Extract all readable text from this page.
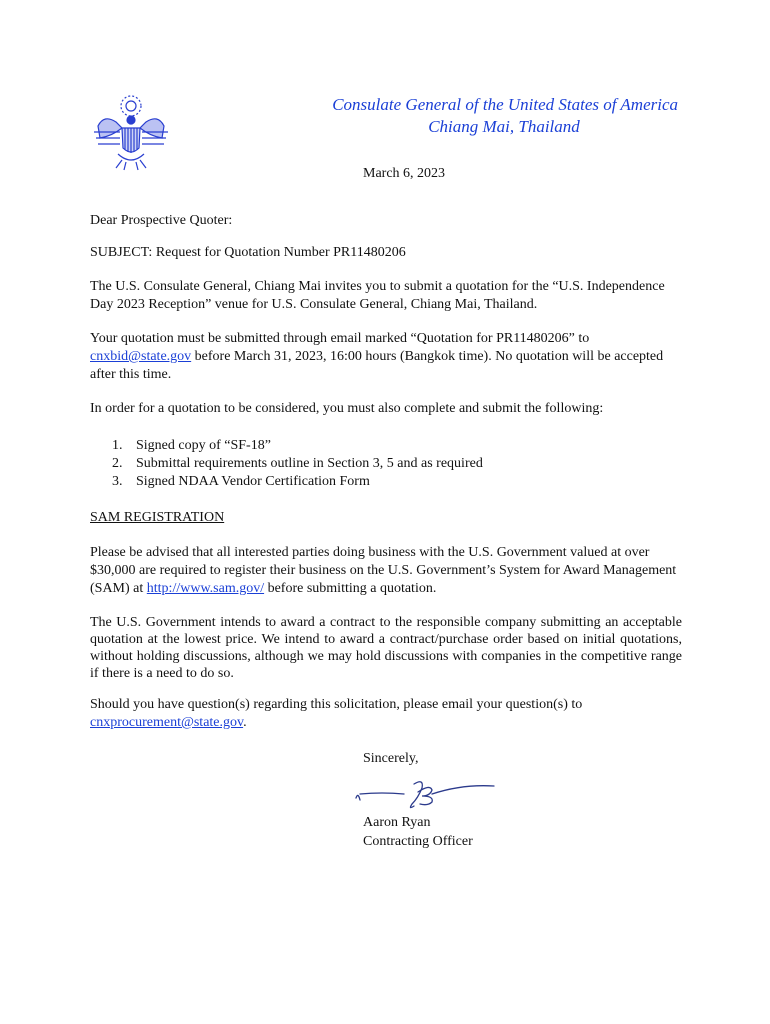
Consulate General of the United States of America
Chiang Mai, Thailand
March 6, 2023

Dear Prospective Quoter:

SUBJECT: Request for Quotation Number PR11480206

The U.S. Consulate General, Chiang Mai invites you to submit a quotation for the “U.S. Independence Day 2023 Reception” venue for U.S. Consulate General, Chiang Mai, Thailand.

Your quotation must be submitted through email marked “Quotation for PR11480206” to cnxbid@state.gov before March 31, 2023, 16:00 hours (Bangkok time). No quotation will be accepted after this time.

In order for a quotation to be considered, you must also complete and submit the following:

1. Signed copy of “SF-18”
2. Submittal requirements outline in Section 3, 5 and as required
3. Signed NDAA Vendor Certification Form

SAM REGISTRATION

Please be advised that all interested parties doing business with the U.S. Government valued at over $30,000 are required to register their business on the U.S. Government’s System for Award Management (SAM) at http://www.sam.gov/ before submitting a quotation.

The U.S. Government intends to award a contract to the responsible company submitting an acceptable quotation at the lowest price. We intend to award a contract/purchase order based on initial quotations, without holding discussions, although we may hold discussions with companies in the competitive range if there is a need to do so.

Should you have question(s) regarding this solicitation, please email your question(s) to cnxprocurement@state.gov.

Sincerely,
Aaron Ryan
Contracting Officer
